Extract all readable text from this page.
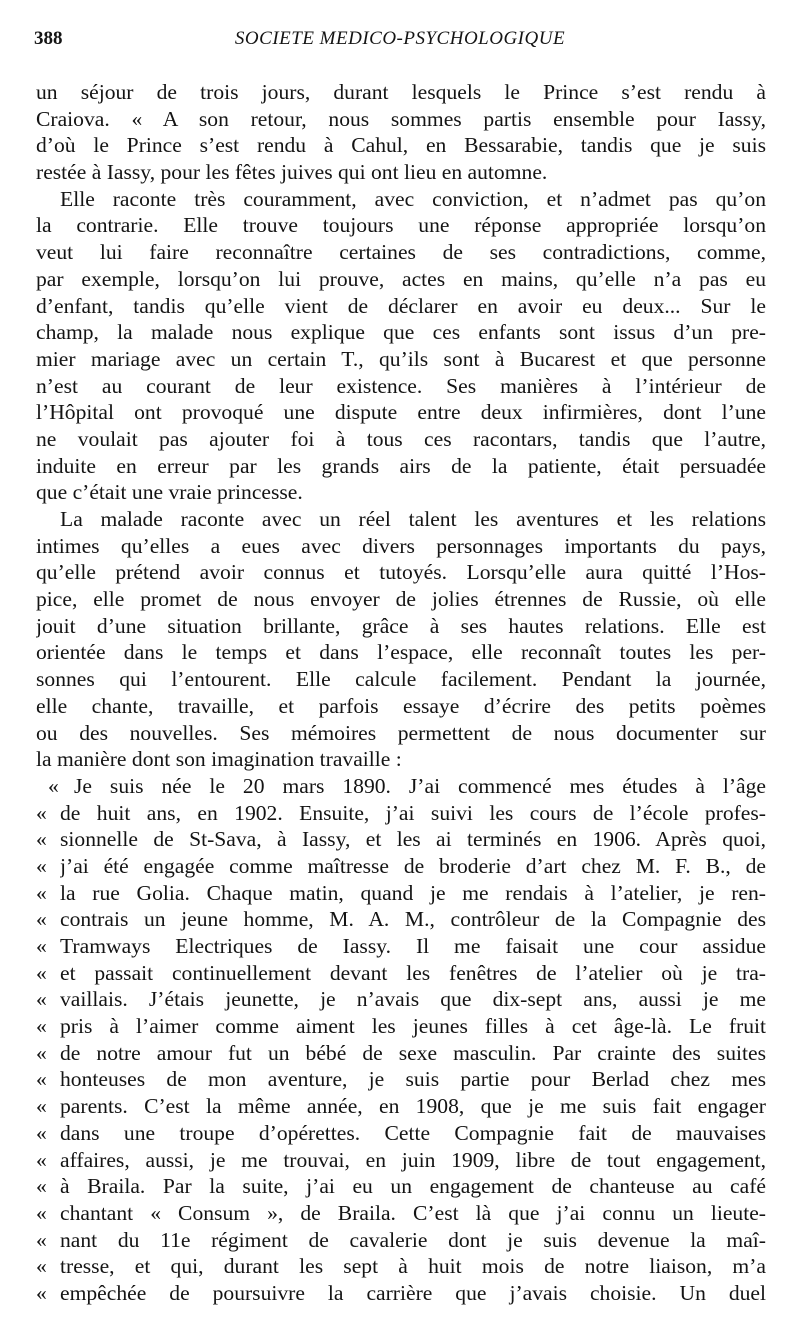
388	SOCIETE MEDICO-PSYCHOLOGIQUE
un séjour de trois jours, durant lesquels le Prince s’est rendu à
Craiova. « A son retour, nous sommes partis ensemble pour Iassy,
d’où le Prince s’est rendu à Cahul, en Bessarabie, tandis que je suis
restée à Iassy, pour les fêtes juives qui ont lieu en automne.
Elle raconte très couramment, avec conviction, et n’admet pas qu’on
la contrarie. Elle trouve toujours une réponse appropriée lorsqu’on
veut lui faire reconnaître certaines de ses contradictions, comme,
par exemple, lorsqu’on lui prouve, actes en mains, qu’elle n’a pas eu
d’enfant, tandis qu’elle vient de déclarer en avoir eu deux... Sur le
champ, la malade nous explique que ces enfants sont issus d’un pre-
mier mariage avec un certain T., qu’ils sont à Bucarest et que personne
n’est au courant de leur existence. Ses manières à l’intérieur de
l’Hôpital ont provoqué une dispute entre deux infirmières, dont l’une
ne voulait pas ajouter foi à tous ces racontars, tandis que l’autre,
induite en erreur par les grands airs de la patiente, était persuadée
que c’était une vraie princesse.
La malade raconte avec un réel talent les aventures et les relations
intimes qu’elles a eues avec divers personnages importants du pays,
qu’elle prétend avoir connus et tutoyés. Lorsqu’elle aura quitté l’Hos-
pice, elle promet de nous envoyer de jolies étrennes de Russie, où elle
jouit d’une situation brillante, grâce à ses hautes relations. Elle est
orientée dans le temps et dans l’espace, elle reconnaît toutes les per-
sonnes qui l’entourent. Elle calcule facilement. Pendant la journée,
elle chante, travaille, et parfois essaye d’écrire des petits poèmes
ou des nouvelles. Ses mémoires permettent de nous documenter sur
la manière dont son imagination travaille :
« Je suis née le 20 mars 1890. J’ai commencé mes études à l’âge
« de huit ans, en 1902. Ensuite, j’ai suivi les cours de l’école profes-
« sionnelle de St-Sava, à Iassy, et les ai terminés en 1906. Après quoi,
« j’ai été engagée comme maîtresse de broderie d’art chez M. F. B., de
« la rue Golia. Chaque matin, quand je me rendais à l’atelier, je ren-
« contrais un jeune homme, M. A. M., contrôleur de la Compagnie des
« Tramways Electriques de Iassy. Il me faisait une cour assidue
« et passait continuellement devant les fenêtres de l’atelier où je tra-
« vaillais. J’étais jeunette, je n’avais que dix-sept ans, aussi je me
« pris à l’aimer comme aiment les jeunes filles à cet âge-là. Le fruit
« de notre amour fut un bébé de sexe masculin. Par crainte des suites
« honteuses de mon aventure, je suis partie pour Berlad chez mes
« parents. C’est la même année, en 1908, que je me suis fait engager
« dans une troupe d’opérettes. Cette Compagnie fait de mauvaises
« affaires, aussi, je me trouvai, en juin 1909, libre de tout engagement,
« à Braila. Par la suite, j’ai eu un engagement de chanteuse au café
« chantant « Consum », de Braila. C’est là que j’ai connu un lieute-
« nant du 11e régiment de cavalerie dont je suis devenue la maî-
« tresse, et qui, durant les sept à huit mois de notre liaison, m’a
« empêchée de poursuivre la carrière que j’avais choisie. Un duel
